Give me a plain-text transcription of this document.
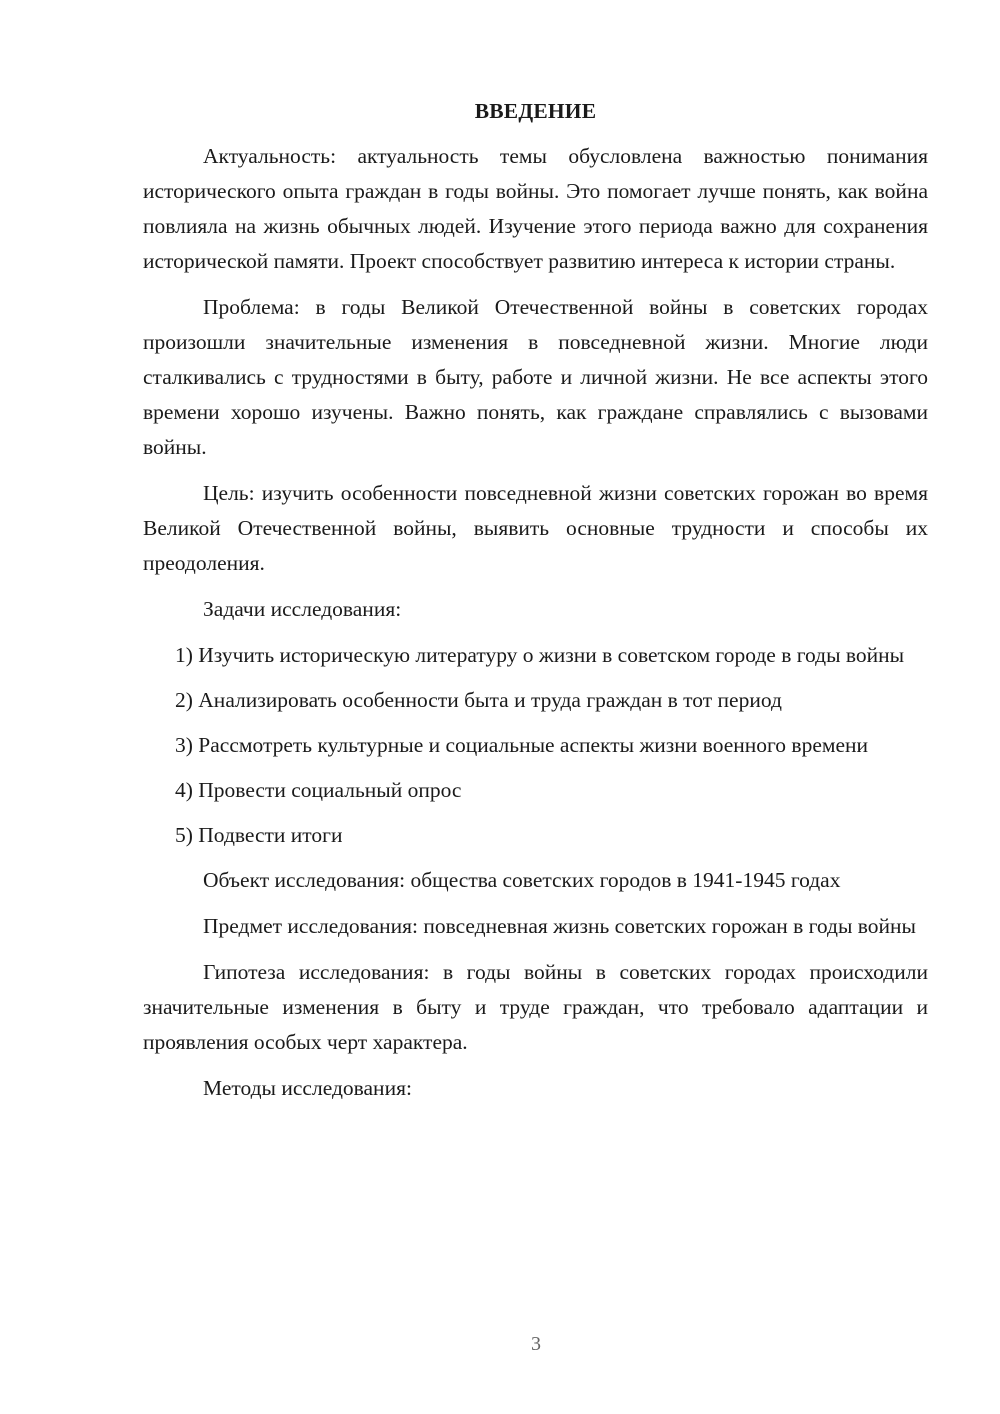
ВВЕДЕНИЕ

Актуальность: актуальность темы обусловлена важностью понимания исторического опыта граждан в годы войны. Это помогает лучше понять, как война повлияла на жизнь обычных людей. Изучение этого периода важно для сохранения исторической памяти. Проект способствует развитию интереса к истории страны.

Проблема: в годы Великой Отечественной войны в советских городах произошли значительные изменения в повседневной жизни. Многие люди сталкивались с трудностями в быту, работе и личной жизни. Не все аспекты этого времени хорошо изучены. Важно понять, как граждане справлялись с вызовами войны.

Цель: изучить особенности повседневной жизни советских горожан во время Великой Отечественной войны, выявить основные трудности и способы их преодоления.

Задачи исследования:

1) Изучить историческую литературу о жизни в советском городе в годы войны

2) Анализировать особенности быта и труда граждан в тот период

3) Рассмотреть культурные и социальные аспекты жизни военного времени

4) Провести социальный опрос

5) Подвести итоги

Объект исследования: общества советских городов в 1941-1945 годах

Предмет исследования: повседневная жизнь советских горожан в годы войны

Гипотеза исследования: в годы войны в советских городах происходили значительные изменения в быту и труде граждан, что требовало адаптации и проявления особых черт характера.

Методы исследования:

3
